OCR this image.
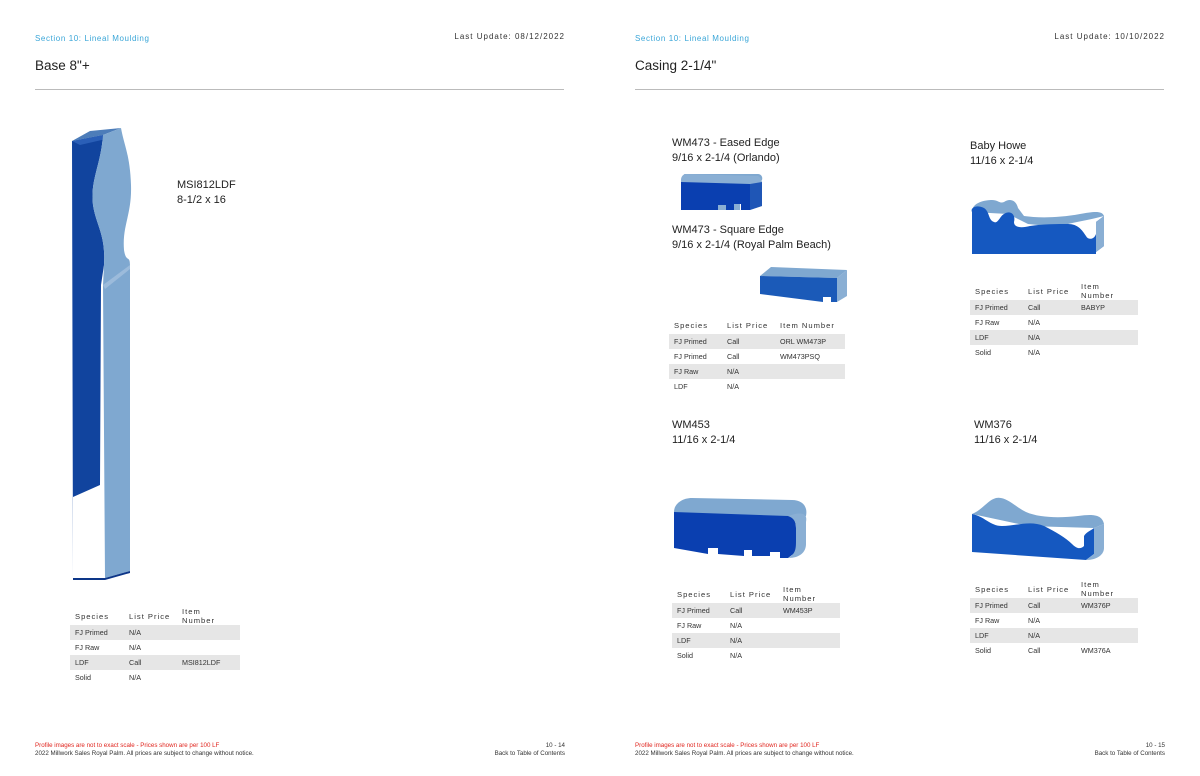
Section 10: Lineal Moulding	Last Update: 08/12/2022
Base 8"+
MSI812LDF
8-1/2 x 16
Species	List Price	Item Number
FJ Primed	N/A	
FJ Raw	N/A	
LDF	Call	MSI812LDF
Solid	N/A	
Profile images are not to exact scale - Prices shown are per 100 LF
2022 Millwork Sales Royal Palm. All prices are subject to change without notice.
10 - 14
Back to Table of Contents
Section 10: Lineal Moulding	Last Update: 10/10/2022
Casing 2-1/4"
WM473 - Eased Edge
9/16 x 2-1/4 (Orlando)
WM473 - Square Edge
9/16 x 2-1/4 (Royal Palm Beach)
Species	List Price	Item Number
FJ Primed	Call	ORL WM473P
FJ Primed	Call	WM473PSQ
FJ Raw	N/A	
LDF	N/A	
Baby Howe
11/16 x 2-1/4
Species	List Price	Item Number
FJ Primed	Call	BABYP
FJ Raw	N/A	
LDF	N/A	
Solid	N/A	
WM453
11/16 x 2-1/4
Species	List Price	Item Number
FJ Primed	Call	WM453P
FJ Raw	N/A	
LDF	N/A	
Solid	N/A	
WM376
11/16 x 2-1/4
Species	List Price	Item Number
FJ Primed	Call	WM376P
FJ Raw	N/A	
LDF	N/A	
Solid	Call	WM376A
Profile images are not to exact scale - Prices shown are per 100 LF
2022 Millwork Sales Royal Palm. All prices are subject to change without notice.
10 - 15
Back to Table of Contents
